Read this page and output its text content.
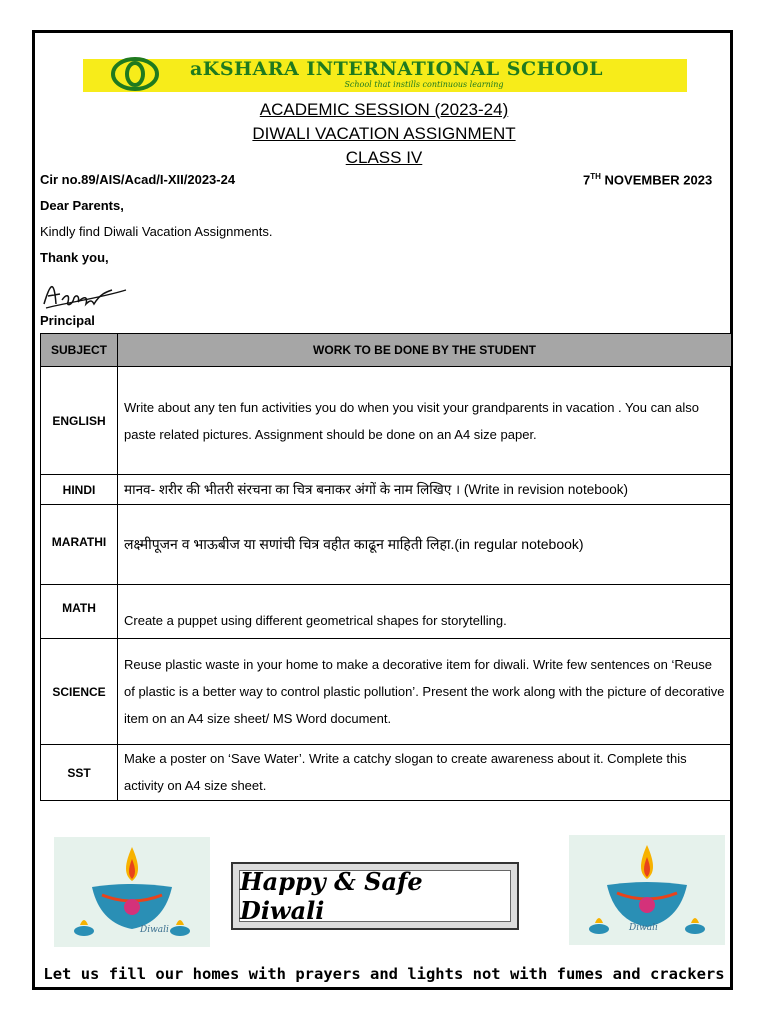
aKSHARA INTERNATIONAL SCHOOL
School that instills continuous learning
ACADEMIC SESSION (2023-24)
DIWALI VACATION ASSIGNMENT
CLASS IV
Cir no.89/AIS/Acad/I-XII/2023-24	7TH NOVEMBER 2023
Dear Parents,
Kindly find Diwali Vacation Assignments.
Thank you,
Principal
SUBJECT	WORK TO BE DONE BY THE STUDENT
ENGLISH	Write about any ten fun activities you do when you visit your grandparents in vacation . You can also paste related pictures. Assignment should be done on an A4 size paper.
HINDI	मानव- शरीर की भीतरी संरचना का चित्र बनाकर अंगों के नाम लिखिए । (Write in revision notebook)
MARATHI	लक्ष्मीपूजन व भाऊबीज या सणांची चित्र वहीत काढून माहिती लिहा.(in regular notebook)
MATH	Create a puppet using different geometrical shapes for storytelling.
SCIENCE	Reuse plastic waste in your home to make a decorative item for diwali. Write few sentences on ‘Reuse of plastic is a better way to control plastic pollution’. Present the work along with the picture of decorative item on an A4 size sheet/ MS Word document.
SST	Make a poster on ‘Save Water’. Write a catchy slogan to create awareness about it. Complete this activity on A4 size sheet.
Diwali
Happy & Safe Diwali
Diwali
Let us fill our homes with prayers and lights not with fumes and crackers
